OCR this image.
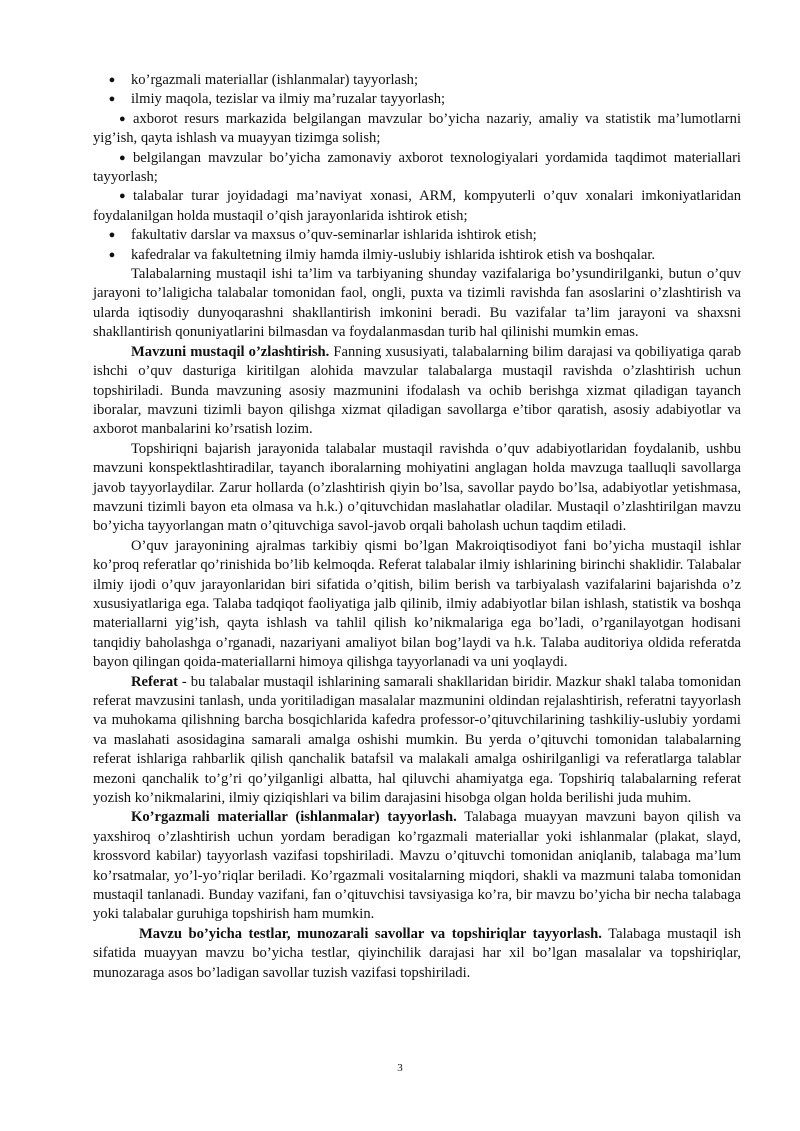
● ko’rgazmali materiallar (ishlanmalar) tayyorlash;

● ilmiy maqola, tezislar va ilmiy ma’ruzalar tayyorlash;

● axborot resurs markazida belgilangan mavzular bo’yicha nazariy, amaliy va statistik ma’lumotlarni yig’ish, qayta ishlash va muayyan tizimga solish;

● belgilangan mavzular bo’yicha zamonaviy axborot texnologiyalari yordamida taqdimot materiallari tayyorlash;

● talabalar turar joyidadagi ma’naviyat xonasi, ARM, kompyuterli o’quv xonalari imkoniyatlaridan foydalanilgan holda mustaqil o’qish jarayonlarida ishtirok etish;

● fakultativ darslar va maxsus o’quv-seminarlar ishlarida ishtirok etish;

● kafedralar va fakultetning ilmiy hamda ilmiy-uslubiy ishlarida ishtirok etish va boshqalar.

Talabalarning mustaqil ishi ta’lim va tarbiyaning shunday vazifalariga bo’ysundirilganki, butun o’quv jarayoni to’laligicha talabalar tomonidan faol, ongli, puxta va tizimli ravishda fan asoslarini o’zlashtirish va ularda iqtisodiy dunyoqarashni shakllantirish imkonini beradi. Bu vazifalar ta’lim jarayoni va shaxsni shakllantirish qonuniyatlarini bilmasdan va foydalanmasdan turib hal qilinishi mumkin emas.

Mavzuni mustaqil o’zlashtirish. Fanning xususiyati, talabalarning bilim darajasi va qobiliyatiga qarab ishchi o’quv dasturiga kiritilgan alohida mavzular talabalarga mustaqil ravishda o’zlashtirish uchun topshiriladi. Bunda mavzuning asosiy mazmunini ifodalash va ochib berishga xizmat qiladigan tayanch iboralar, mavzuni tizimli bayon qilishga xizmat qiladigan savollarga e’tibor qaratish, asosiy adabiyotlar va axborot manbalarini ko’rsatish lozim.

Topshiriqni bajarish jarayonida talabalar mustaqil ravishda o’quv adabiyotlaridan foydalanib, ushbu mavzuni konspektlashtiradilar, tayanch iboralarning mohiyatini anglagan holda mavzuga taalluqli savollarga javob tayyorlaydilar. Zarur hollarda (o’zlashtirish qiyin bo’lsa, savollar paydo bo’lsa, adabiyotlar yetishmasa, mavzuni tizimli bayon eta olmasa va h.k.) o’qituvchidan maslahatlar oladilar. Mustaqil o’zlashtirilgan mavzu bo’yicha tayyorlangan matn o’qituvchiga savol-javob orqali baholash uchun taqdim etiladi.

O’quv jarayonining ajralmas tarkibiy qismi bo’lgan Makroiqtisodiyot fani bo’yicha mustaqil ishlar ko’proq referatlar qo’rinishida bo’lib kelmoqda. Referat talabalar ilmiy ishlarining birinchi shaklidir. Talabalar ilmiy ijodi o’quv jarayonlaridan biri sifatida o’qitish, bilim berish va tarbiyalash vazifalarini bajarishda o’z xususiyatlariga ega. Talaba tadqiqot faoliyatiga jalb qilinib, ilmiy adabiyotlar bilan ishlash, statistik va boshqa materiallarni yig’ish, qayta ishlash va tahlil qilish ko’nikmalariga ega bo’ladi, o’rganilayotgan hodisani tanqidiy baholashga o’rganadi, nazariyani amaliyot bilan bog’laydi va h.k. Talaba auditoriya oldida referatda bayon qilingan qoida-materiallarni himoya qilishga tayyorlanadi va uni yoqlaydi.

Referat - bu talabalar mustaqil ishlarining samarali shakllaridan biridir. Mazkur shakl talaba tomonidan referat mavzusini tanlash, unda yoritiladigan masalalar mazmunini oldindan rejalashtirish, referatni tayyorlash va muhokama qilishning barcha bosqichlarida kafedra professor-o’qituvchilarining tashkiliy-uslubiy yordami va maslahati asosidagina samarali amalga oshishi mumkin. Bu yerda o’qituvchi tomonidan talabalarning referat ishlariga rahbarlik qilish qanchalik batafsil va malakali amalga oshirilganligi va referatlarga talablar mezoni qanchalik to’g’ri qo’yilganligi albatta, hal qiluvchi ahamiyatga ega. Topshiriq talabalarning referat yozish ko’nikmalarini, ilmiy qiziqishlari va bilim darajasini hisobga olgan holda berilishi juda muhim.

Ko’rgazmali materiallar (ishlanmalar) tayyorlash. Talabaga muayyan mavzuni bayon qilish va yaxshiroq o’zlashtirish uchun yordam beradigan ko’rgazmali materiallar yoki ishlanmalar (plakat, slayd, krossvord kabilar) tayyorlash vazifasi topshiriladi. Mavzu o’qituvchi tomonidan aniqlanib, talabaga ma’lum ko’rsatmalar, yo’l-yo’riqlar beriladi. Ko’rgazmali vositalarning miqdori, shakli va mazmuni talaba tomonidan mustaqil tanlanadi. Bunday vazifani, fan o’qituvchisi tavsiyasiga ko’ra, bir mavzu bo’yicha bir necha talabaga yoki talabalar guruhiga topshirish ham mumkin.

Mavzu bo’yicha testlar, munozarali savollar va topshiriqlar tayyorlash. Talabaga mustaqil ish sifatida muayyan mavzu bo’yicha testlar, qiyinchilik darajasi har xil bo’lgan masalalar va topshiriqlar, munozaraga asos bo’ladigan savollar tuzish vazifasi topshiriladi.

3
